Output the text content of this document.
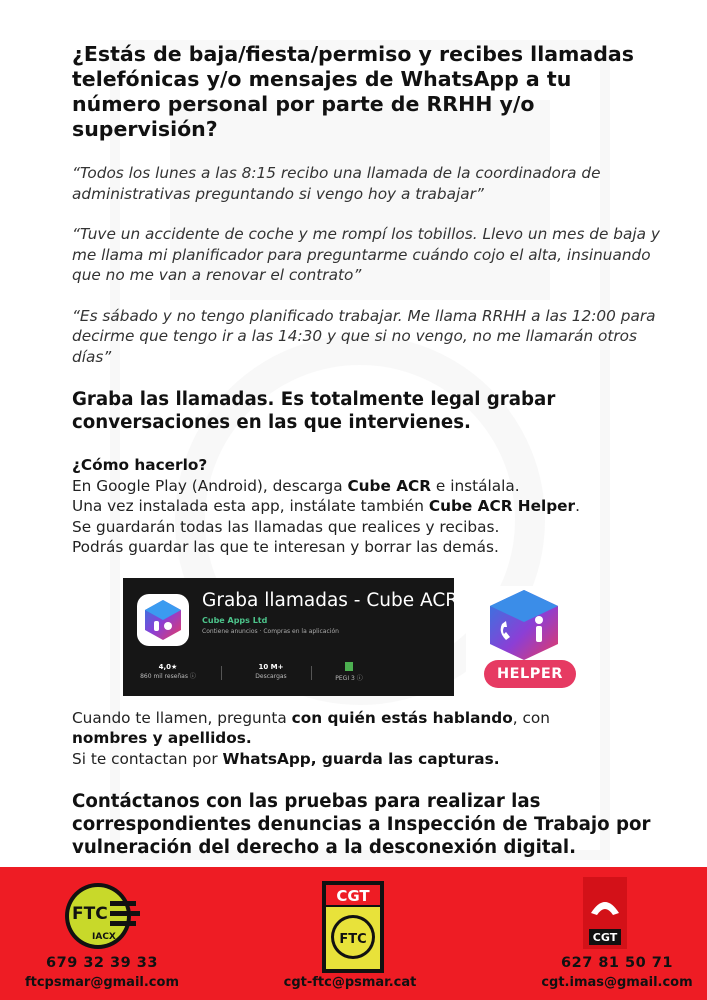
¿Estás de baja/fiesta/permiso y recibes llamadas telefónicas y/o mensajes de WhatsApp a tu número personal por parte de RRHH y/o supervisión?
“Todos los lunes a las 8:15 recibo una llamada de la coordinadora de administrativas preguntando si vengo hoy a trabajar”
“Tuve un accidente de coche y me rompí los tobillos. Llevo un mes de baja y me llama mi planificador para preguntarme cuándo cojo el alta, insinuando que no me van a renovar el contrato”
“Es sábado y no tengo planificado trabajar. Me llama RRHH a las 12:00 para decirme que tengo ir a las 14:30 y que si no vengo, no me llamarán otros días”
Graba las llamadas. Es totalmente legal grabar conversaciones en las que intervienes.
¿Cómo hacerlo?
En Google Play (Android), descarga Cube ACR e instálala.
Una vez instalada esta app, instálate también Cube ACR Helper.
Se guardarán todas las llamadas que realices y recibas.
Podrás guardar las que te interesan y borrar las demás.
Graba llamadas - Cube ACR
Cube Apps Ltd
Contiene anuncios · Compras en la aplicación
4,0★
860 mil reseñas ⓘ
10 M+
Descargas	PEGI 3 ⓘ	HELPER
Cuando te llamen, pregunta con quién estás hablando, con
nombres y apellidos.
Si te contactan por WhatsApp, guarda las capturas.
Contáctanos con las pruebas para realizar las correspondientes denuncias a Inspección de Trabajo por vulneración del derecho a la desconexión digital.
FTC
IACX
679 32 39 33
ftcpsmar@gmail.com
CGT
FTC
cgt-ftc@psmar.cat
CGT
627 81 50 71
cgt.imas@gmail.com
